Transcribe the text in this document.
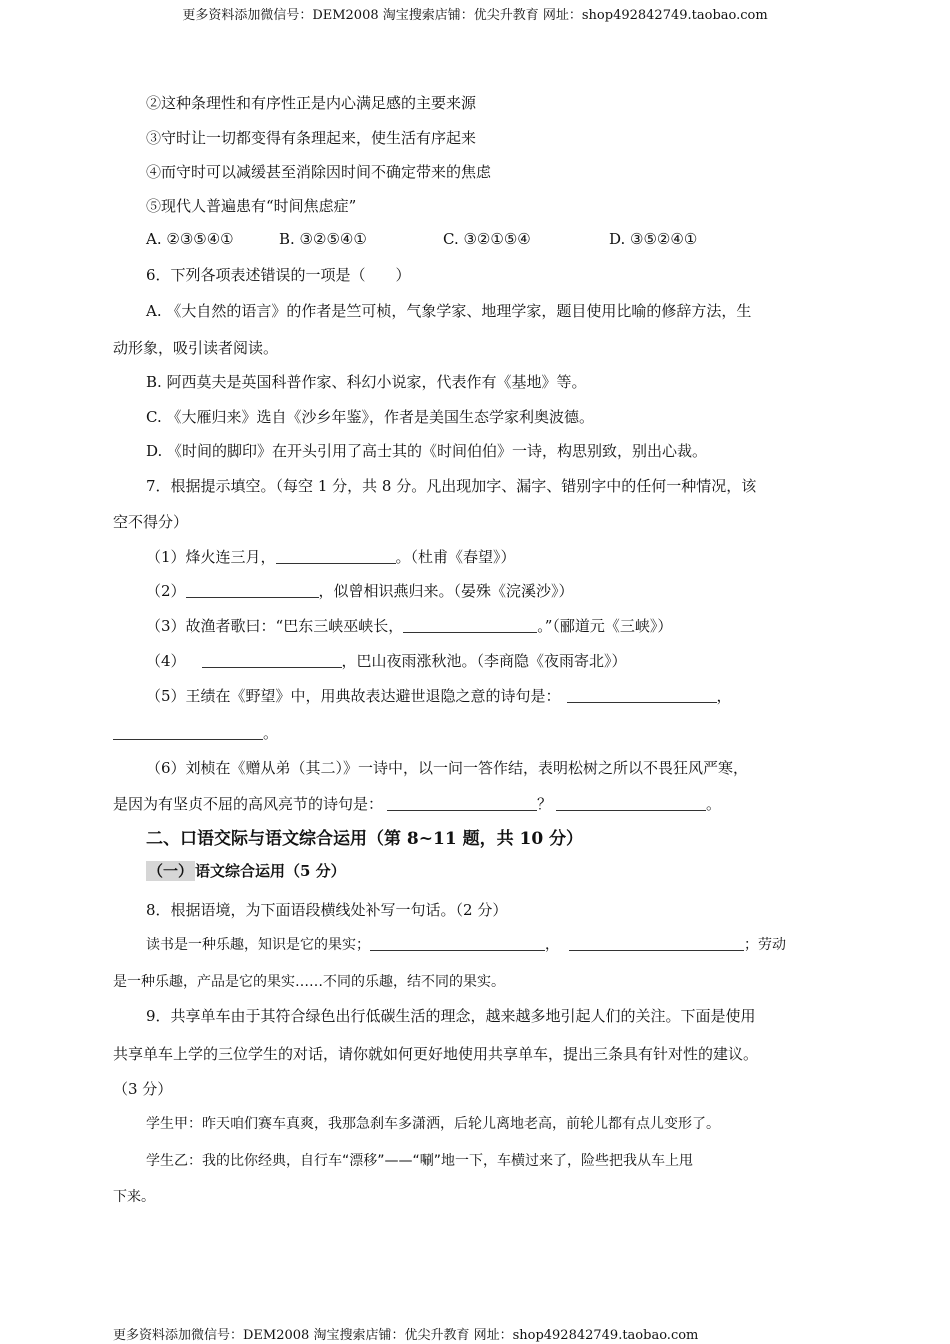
更多资料添加微信号：DEM2008 淘宝搜索店铺：优尖升教育 网址：shop492842749.taobao.com
②这种条理性和有序性正是内心满足感的主要来源
③守时让一切都变得有条理起来，使生活有序起来
④而守时可以减缓甚至消除因时间不确定带来的焦虑
⑤现代人普遍患有“时间焦虑症”
A. ②③⑤④①	B. ③②⑤④①	C. ③②①⑤④	D. ③⑤②④①
6．下列各项表述错误的一项是（　　）
A. 《大自然的语言》的作者是竺可桢，气象学家、地理学家，题目使用比喻的修辞方法，生
动形象，吸引读者阅读。
B. 阿西莫夫是英国科普作家、科幻小说家，代表作有《基地》等。
C. 《大雁归来》选自《沙乡年鉴》，作者是美国生态学家利奥波德。
D. 《时间的脚印》在开头引用了高士其的《时间伯伯》一诗，构思别致，别出心裁。
7．根据提示填空。（每空 1 分，共 8 分。凡出现加字、漏字、错别字中的任何一种情况，该
空不得分）
（1）烽火连三月，	。（杜甫《春望》）
（2）	，似曾相识燕归来。（晏殊《浣溪沙》）
（3）故渔者歌曰：“巴东三峡巫峡长，	。”（郦道元《三峡》）
（4）	，巴山夜雨涨秋池。（李商隐《夜雨寄北》）
（5）王绩在《野望》中，用典故表达避世退隐之意的诗句是：	，
。
（6）刘桢在《赠从弟（其二）》一诗中，以一问一答作结，表明松树之所以不畏狂风严寒，
是因为有坚贞不屈的高风亮节的诗句是：	？	。
二、口语交际与语文综合运用（第 8~11 题，共 10 分）
（一） 语文综合运用（5 分）
8．根据语境，为下面语段横线处补写一句话。（2 分）
读书是一种乐趣，知识是它的果实；	，	；劳动
是一种乐趣，产品是它的果实……不同的乐趣，结不同的果实。
9．共享单车由于其符合绿色出行低碳生活的理念，越来越多地引起人们的关注。下面是使用
共享单车上学的三位学生的对话，请你就如何更好地使用共享单车，提出三条具有针对性的建议。
（3 分）
学生甲：昨天咱们赛车真爽，我那急刹车多潇洒，后轮儿离地老高，前轮儿都有点儿变形了。
学生乙：我的比你经典，自行车“漂移”——“唰”地一下，车横过来了，险些把我从车上甩
下来。
更多资料添加微信号：DEM2008 淘宝搜索店铺：优尖升教育 网址：shop492842749.taobao.com
